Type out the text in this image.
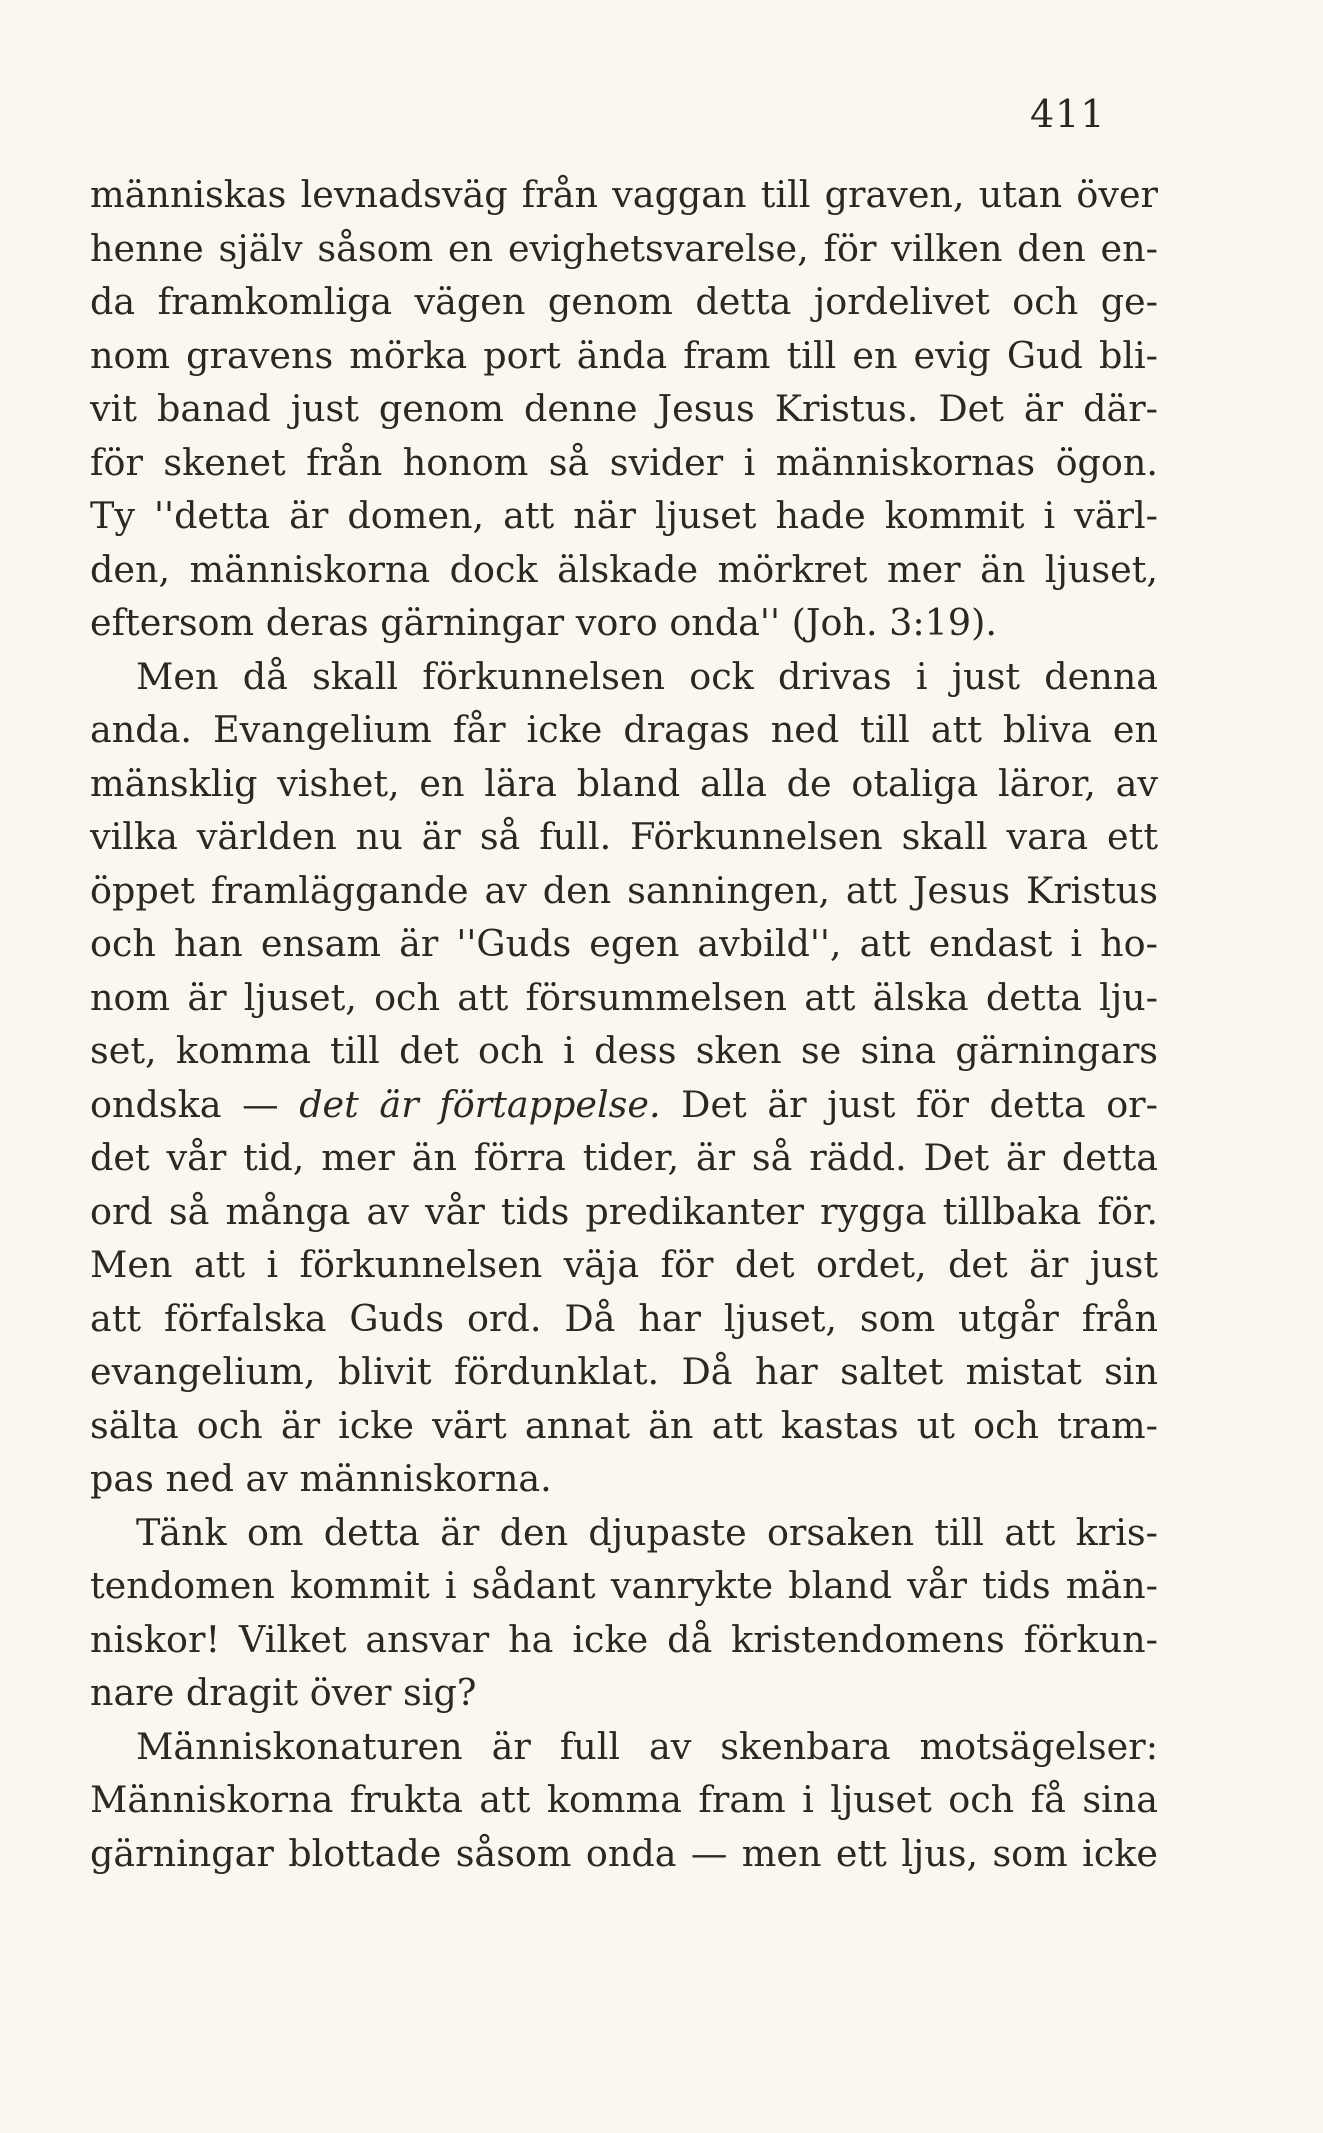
411
människas levnadsväg från vaggan till graven, utan över
henne själv såsom en evighetsvarelse, för vilken den en-
da framkomliga vägen genom detta jordelivet och ge-
nom gravens mörka port ända fram till en evig Gud bli-
vit banad just genom denne Jesus Kristus. Det är där-
för skenet från honom så svider i människornas ögon.
Ty ''detta är domen, att när ljuset hade kommit i värl-
den, människorna dock älskade mörkret mer än ljuset,
eftersom deras gärningar voro onda'' (Joh. 3:19).
Men då skall förkunnelsen ock drivas i just denna
anda. Evangelium får icke dragas ned till att bliva en
mänsklig vishet, en lära bland alla de otaliga läror, av
vilka världen nu är så full. Förkunnelsen skall vara ett
öppet framläggande av den sanningen, att Jesus Kristus
och han ensam är ''Guds egen avbild'', att endast i ho-
nom är ljuset, och att försummelsen att älska detta lju-
set, komma till det och i dess sken se sina gärningars
ondska — det är förtappelse. Det är just för detta or-
det vår tid, mer än förra tider, är så rädd. Det är detta
ord så många av vår tids predikanter rygga tillbaka för.
Men att i förkunnelsen väja för det ordet, det är just
att förfalska Guds ord. Då har ljuset, som utgår från
evangelium, blivit fördunklat. Då har saltet mistat sin
sälta och är icke värt annat än att kastas ut och tram-
pas ned av människorna.
Tänk om detta är den djupaste orsaken till att kris-
tendomen kommit i sådant vanrykte bland vår tids män-
niskor! Vilket ansvar ha icke då kristendomens förkun-
nare dragit över sig?
Människonaturen är full av skenbara motsägelser:
Människorna frukta att komma fram i ljuset och få sina
gärningar blottade såsom onda — men ett ljus, som icke
